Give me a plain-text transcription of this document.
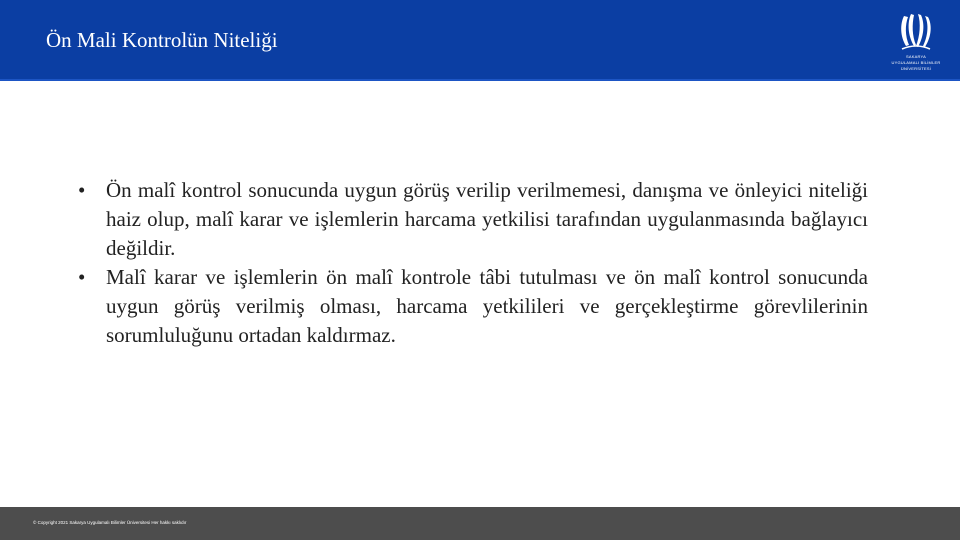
Ön Mali Kontrolün Niteliği
SAKARYA
UYGULAMALI BİLİMLER
ÜNİVERSİTESİ
• Ön malî kontrol sonucunda uygun görüş verilip verilmemesi, danışma ve önleyici niteliği haiz olup, malî karar ve işlemlerin harcama yetkilisi tarafından uygulanmasında bağlayıcı değildir.
• Malî karar ve işlemlerin ön malî kontrole tâbi tutulması ve ön malî kontrol sonucunda uygun görüş verilmiş olması, harcama yetkilileri ve gerçekleştirme görevlilerinin sorumluluğunu ortadan kaldırmaz.
© Copyright 2021 Sakarya Uygulamalı Bilimler Üniversitesi Her hakkı saklıdır
